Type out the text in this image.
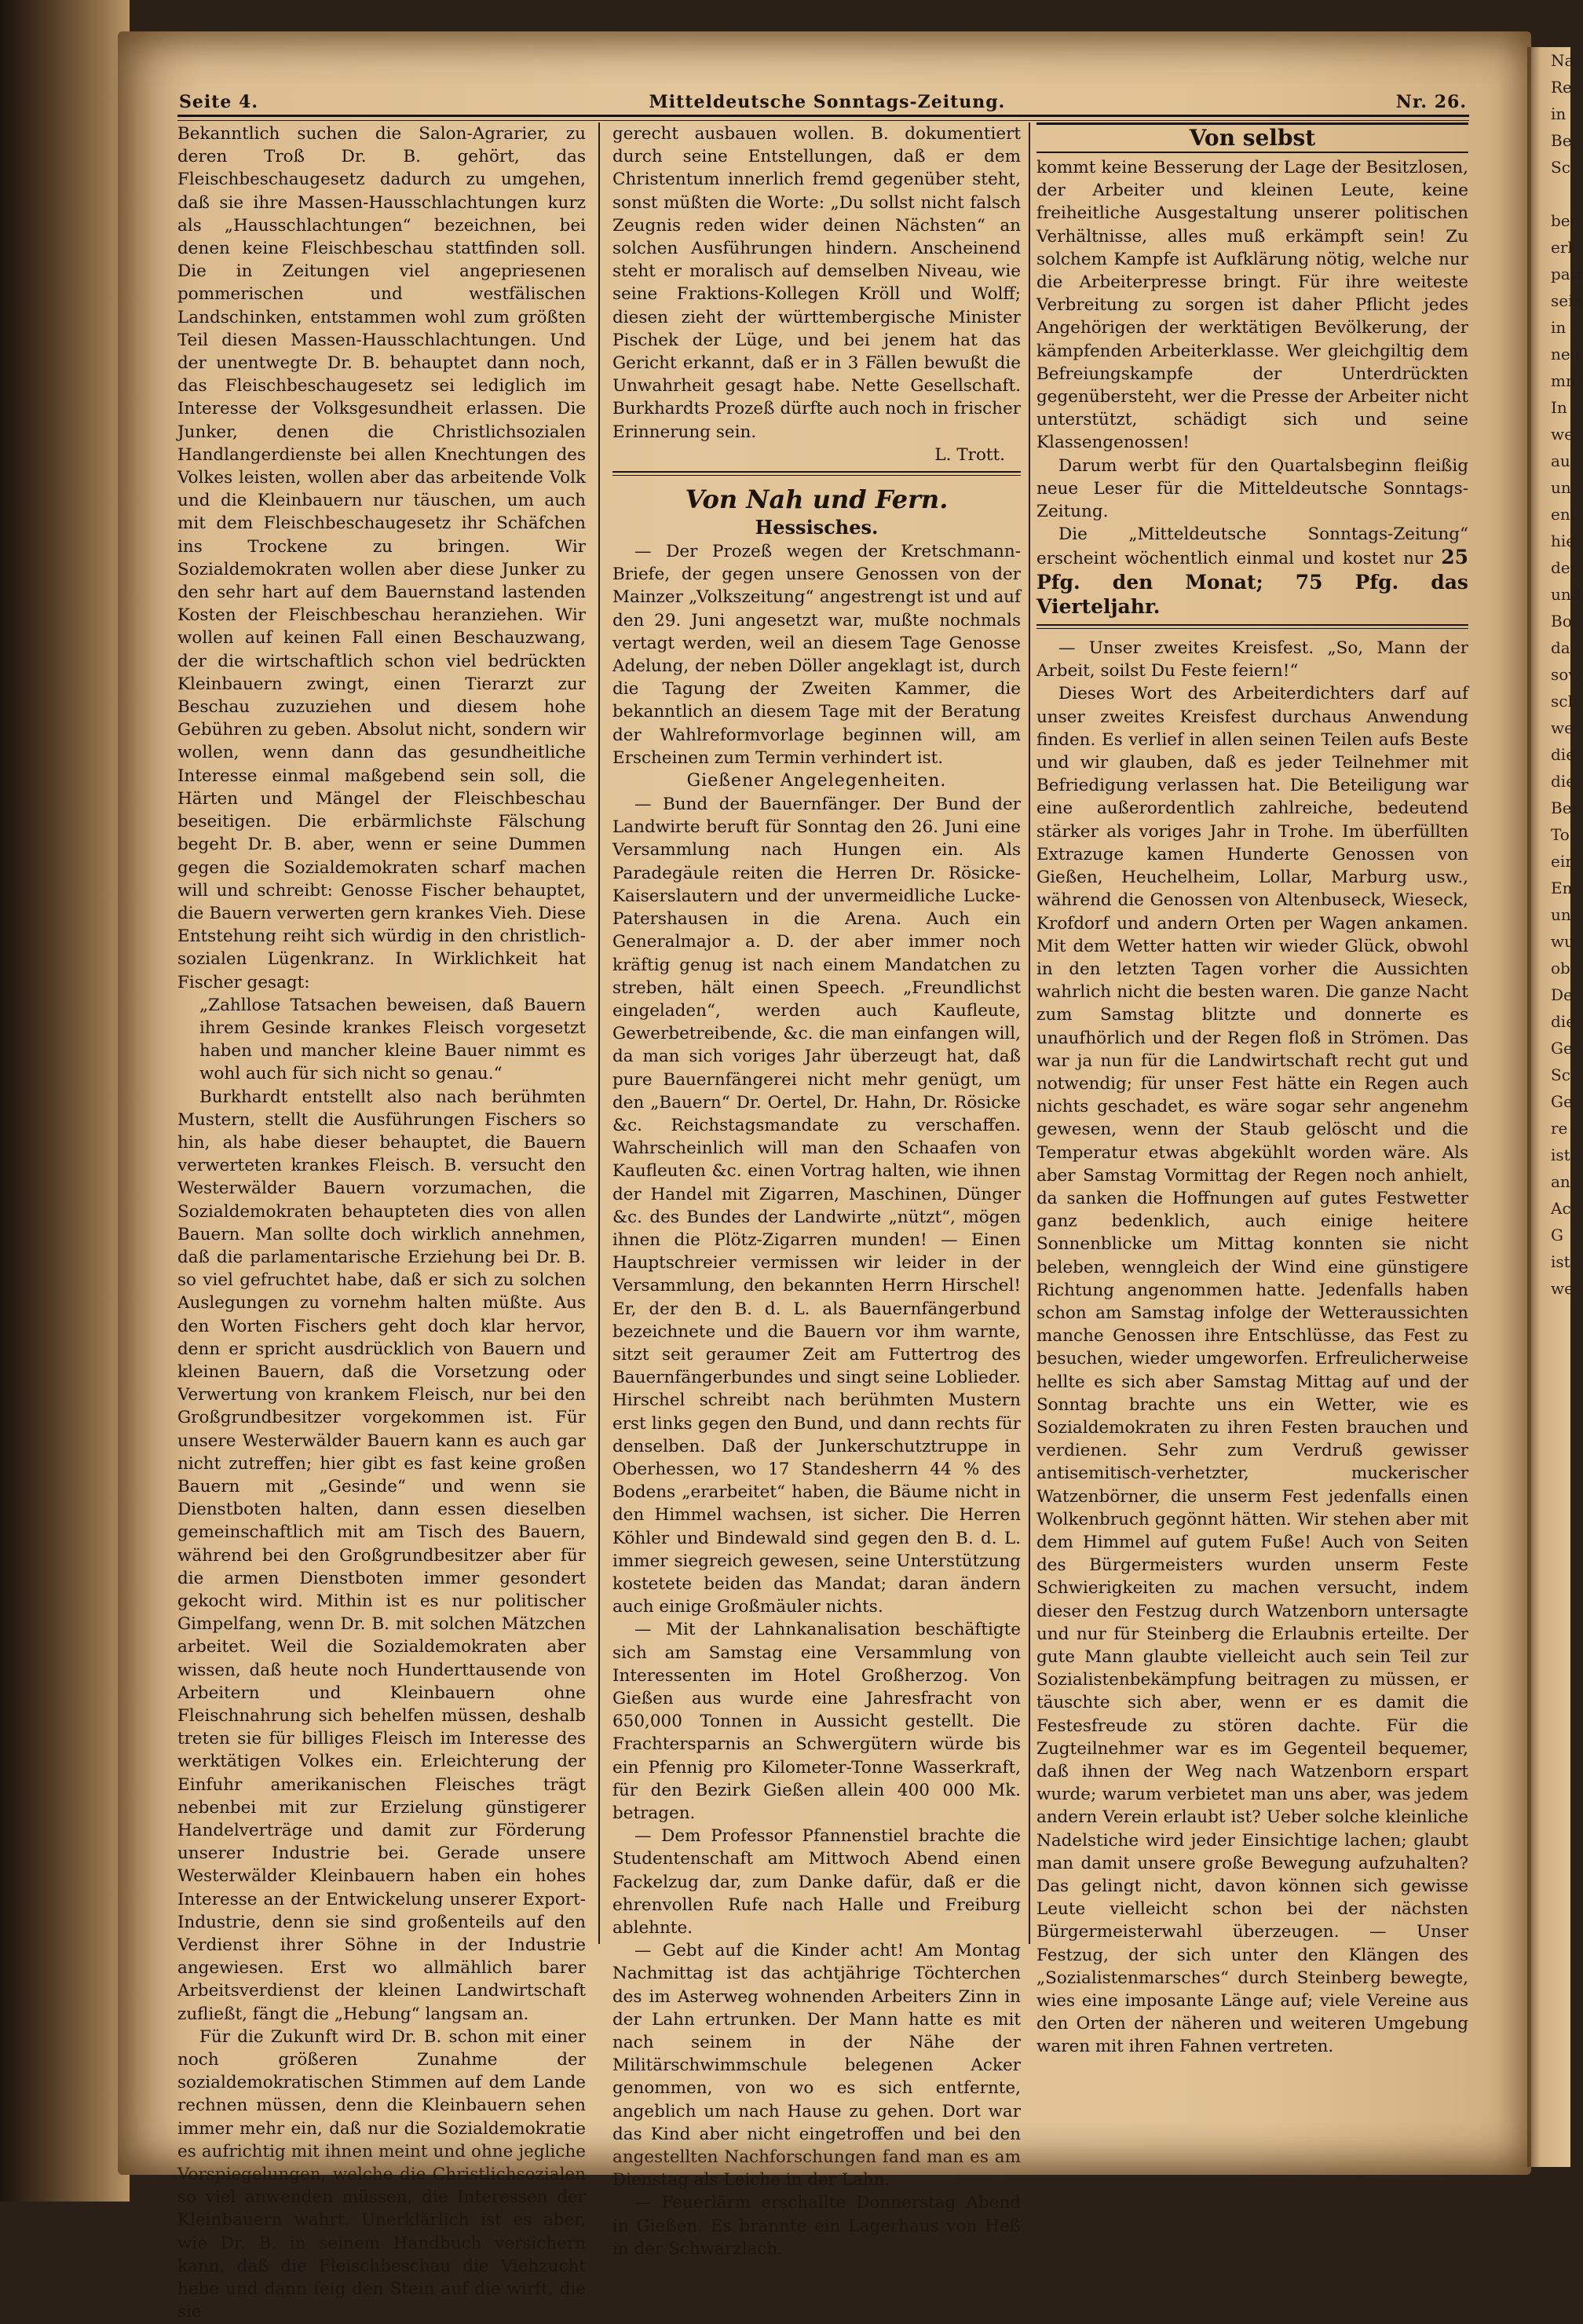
Na
Re
in
Be
Sc

ber
erk
pari
sein
in
neu
mn
In
we
au
un
ent
hie
der
und
Bo
da
sow
sch
we
die
die
Ber
To
eir
En
un
wu
ob
De
die
Ge
Sc
Ge
re
ist
an
Ac
G
ist
we
Seite 4.	Mitteldeutsche Sonntags-Zeitung.	Nr. 26.

Bekanntlich suchen die Salon-Agrarier, zu deren Troß Dr. B. gehört, das Fleischbeschaugesetz dadurch zu umgehen, daß sie ihre Massen-Hausschlachtungen kurz als „Hausschlachtungen“ bezeichnen, bei denen keine Fleischbeschau stattfinden soll. Die in Zeitungen viel angepriesenen pommerischen und westfälischen Landschinken, entstammen wohl zum größten Teil diesen Massen-Hausschlachtungen. Und der unentwegte Dr. B. behauptet dann noch, das Fleischbeschaugesetz sei lediglich im Interesse der Volksgesundheit erlassen. Die Junker, denen die Christlichsozialen Handlangerdienste bei allen Knechtungen des Volkes leisten, wollen aber das arbeitende Volk und die Kleinbauern nur täuschen, um auch mit dem Fleischbeschaugesetz ihr Schäfchen ins Trockene zu bringen. Wir Sozialdemokraten wollen aber diese Junker zu den sehr hart auf dem Bauernstand lastenden Kosten der Fleischbeschau heranziehen. Wir wollen auf keinen Fall einen Beschauzwang, der die wirtschaftlich schon viel bedrückten Kleinbauern zwingt, einen Tierarzt zur Beschau zuzuziehen und diesem hohe Gebühren zu geben. Absolut nicht, sondern wir wollen, wenn dann das gesundheitliche Interesse einmal maßgebend sein soll, die Härten und Mängel der Fleischbeschau beseitigen. Die erbärmlichste Fälschung begeht Dr. B. aber, wenn er seine Dummen gegen die Sozialdemokraten scharf machen will und schreibt: Genosse Fischer behauptet, die Bauern verwerten gern krankes Vieh. Diese Entstehung reiht sich würdig in den christlich-sozialen Lügenkranz. In Wirklichkeit hat Fischer gesagt:

„Zahllose Tatsachen beweisen, daß Bauern ihrem Gesinde krankes Fleisch vorgesetzt haben und mancher kleine Bauer nimmt es wohl auch für sich nicht so genau.“

Burkhardt entstellt also nach berühmten Mustern, stellt die Ausführungen Fischers so hin, als habe dieser behauptet, die Bauern verwerteten krankes Fleisch. B. versucht den Westerwälder Bauern vorzumachen, die Sozialdemokraten behaupteten dies von allen Bauern. Man sollte doch wirklich annehmen, daß die parlamentarische Erziehung bei Dr. B. so viel gefruchtet habe, daß er sich zu solchen Auslegungen zu vornehm halten müßte. Aus den Worten Fischers geht doch klar hervor, denn er spricht ausdrücklich von Bauern und kleinen Bauern, daß die Vorsetzung oder Verwertung von krankem Fleisch, nur bei den Großgrundbesitzer vorgekommen ist. Für unsere Westerwälder Bauern kann es auch gar nicht zutreffen; hier gibt es fast keine großen Bauern mit „Gesinde“ und wenn sie Dienstboten halten, dann essen dieselben gemeinschaftlich mit am Tisch des Bauern, während bei den Großgrundbesitzer aber für die armen Dienstboten immer gesondert gekocht wird. Mithin ist es nur politischer Gimpelfang, wenn Dr. B. mit solchen Mätzchen arbeitet. Weil die Sozialdemokraten aber wissen, daß heute noch Hunderttausende von Arbeitern und Kleinbauern ohne Fleischnahrung sich behelfen müssen, deshalb treten sie für billiges Fleisch im Interesse des werktätigen Volkes ein. Erleichterung der Einfuhr amerikanischen Fleisches trägt nebenbei mit zur Erzielung günstigerer Handelverträge und damit zur Förderung unserer Industrie bei. Gerade unsere Westerwälder Kleinbauern haben ein hohes Interesse an der Entwickelung unserer Export-Industrie, denn sie sind großenteils auf den Verdienst ihrer Söhne in der Industrie angewiesen. Erst wo allmählich barer Arbeitsverdienst der kleinen Landwirtschaft zufließt, fängt die „Hebung“ langsam an.

Für die Zukunft wird Dr. B. schon mit einer noch größeren Zunahme der sozialdemokratischen Stimmen auf dem Lande rechnen müssen, denn die Kleinbauern sehen immer mehr ein, daß nur die Sozialdemokratie es aufrichtig mit ihnen meint und ohne jegliche Vorspiegelungen, welche die Christlichsozialen so viel anwenden müssen, die Interessen der Kleinbauern wahrt. Unerklärlich ist es aber, wie Dr. B. in seinem Handbuch versichern kann, daß die Fleischbeschau die Viehzucht hebe und dann feig den Stein auf die wirft, die sie

gerecht ausbauen wollen. B. dokumentiert durch seine Entstellungen, daß er dem Christentum innerlich fremd gegenüber steht, sonst müßten die Worte: „Du sollst nicht falsch Zeugnis reden wider deinen Nächsten“ an solchen Ausführungen hindern. Anscheinend steht er moralisch auf demselben Niveau, wie seine Fraktions-Kollegen Kröll und Wolff; diesen zieht der württembergische Minister Pischek der Lüge, und bei jenem hat das Gericht erkannt, daß er in 3 Fällen bewußt die Unwahrheit gesagt habe. Nette Gesellschaft. Burkhardts Prozeß dürfte auch noch in frischer Erinnerung sein.

L. Trott.
Von Nah und Fern.
Hessisches.

— Der Prozeß wegen der Kretschmann-Briefe, der gegen unsere Genossen von der Mainzer „Volkszeitung“ angestrengt ist und auf den 29. Juni angesetzt war, mußte nochmals vertagt werden, weil an diesem Tage Genosse Adelung, der neben Döller angeklagt ist, durch die Tagung der Zweiten Kammer, die bekanntlich an diesem Tage mit der Beratung der Wahlreformvorlage beginnen will, am Erscheinen zum Termin verhindert ist.

Gießener Angelegenheiten.

— Bund der Bauernfänger. Der Bund der Landwirte beruft für Sonntag den 26. Juni eine Versammlung nach Hungen ein. Als Paradegäule reiten die Herren Dr. Rösicke-Kaiserslautern und der unvermeidliche Lucke-Patershausen in die Arena. Auch ein Generalmajor a. D. der aber immer noch kräftig genug ist nach einem Mandatchen zu streben, hält einen Speech. „Freundlichst eingeladen“, werden auch Kaufleute, Gewerbetreibende, &c. die man einfangen will, da man sich voriges Jahr überzeugt hat, daß pure Bauernfängerei nicht mehr genügt, um den „Bauern“ Dr. Oertel, Dr. Hahn, Dr. Rösicke &c. Reichstagsmandate zu verschaffen. Wahrscheinlich will man den Schaafen von Kaufleuten &c. einen Vortrag halten, wie ihnen der Handel mit Zigarren, Maschinen, Dünger &c. des Bundes der Landwirte „nützt“, mögen ihnen die Plötz-Zigarren munden! — Einen Hauptschreier vermissen wir leider in der Versammlung, den bekannten Herrn Hirschel! Er, der den B. d. L. als Bauernfängerbund bezeichnete und die Bauern vor ihm warnte, sitzt seit geraumer Zeit am Futtertrog des Bauernfängerbundes und singt seine Loblieder. Hirschel schreibt nach berühmten Mustern erst links gegen den Bund, und dann rechts für denselben. Daß der Junkerschutztruppe in Oberhessen, wo 17 Standesherrn 44 % des Bodens „erarbeitet“ haben, die Bäume nicht in den Himmel wachsen, ist sicher. Die Herren Köhler und Bindewald sind gegen den B. d. L. immer siegreich gewesen, seine Unterstützung kostetete beiden das Mandat; daran ändern auch einige Großmäuler nichts.

— Mit der Lahnkanalisation beschäftigte sich am Samstag eine Versammlung von Interessenten im Hotel Großherzog. Von Gießen aus wurde eine Jahresfracht von 650,000 Tonnen in Aussicht gestellt. Die Frachtersparnis an Schwergütern würde bis ein Pfennig pro Kilometer-Tonne Wasserkraft, für den Bezirk Gießen allein 400 000 Mk. betragen.

— Dem Professor Pfannenstiel brachte die Studentenschaft am Mittwoch Abend einen Fackelzug dar, zum Danke dafür, daß er die ehrenvollen Rufe nach Halle und Freiburg ablehnte.

— Gebt auf die Kinder acht! Am Montag Nachmittag ist das achtjährige Töchterchen des im Asterweg wohnenden Arbeiters Zinn in der Lahn ertrunken. Der Mann hatte es mit nach seinem in der Nähe der Militärschwimmschule belegenen Acker genommen, von wo es sich entfernte, angeblich um nach Hause zu gehen. Dort war das Kind aber nicht eingetroffen und bei den angestellten Nachforschungen fand man es am Dienstag als Leiche in der Lahn.

— Feuerlärm erschallte Donnerstag Abend in Gießen. Es brannte ein Lagerhaus von Heß in der Schwarzlach.

Von selbst

kommt keine Besserung der Lage der Besitzlosen, der Arbeiter und kleinen Leute, keine freiheitliche Ausgestaltung unserer politischen Verhältnisse, alles muß erkämpft sein! Zu solchem Kampfe ist Aufklärung nötig, welche nur die Arbeiterpresse bringt. Für ihre weiteste Verbreitung zu sorgen ist daher Pflicht jedes Angehörigen der werktätigen Bevölkerung, der kämpfenden Arbeiterklasse. Wer gleichgiltig dem Befreiungskampfe der Unterdrückten gegenübersteht, wer die Presse der Arbeiter nicht unterstützt, schädigt sich und seine Klassengenossen!

Darum werbt für den Quartalsbeginn fleißig neue Leser für die Mitteldeutsche Sonntags-Zeitung.

Die „Mitteldeutsche Sonntags-Zeitung“ erscheint wöchentlich einmal und kostet nur 25 Pfg. den Monat; 75 Pfg. das Vierteljahr.

— Unser zweites Kreisfest. „So, Mann der Arbeit, soilst Du Feste feiern!“

Dieses Wort des Arbeiterdichters darf auf unser zweites Kreisfest durchaus Anwendung finden. Es verlief in allen seinen Teilen aufs Beste und wir glauben, daß es jeder Teilnehmer mit Befriedigung verlassen hat. Die Beteiligung war eine außerordentlich zahlreiche, bedeutend stärker als voriges Jahr in Trohe. Im überfüllten Extrazuge kamen Hunderte Genossen von Gießen, Heuchelheim, Lollar, Marburg usw., während die Genossen von Altenbuseck, Wieseck, Krofdorf und andern Orten per Wagen ankamen. Mit dem Wetter hatten wir wieder Glück, obwohl in den letzten Tagen vorher die Aussichten wahrlich nicht die besten waren. Die ganze Nacht zum Samstag blitzte und donnerte es unaufhörlich und der Regen floß in Strömen. Das war ja nun für die Landwirtschaft recht gut und notwendig; für unser Fest hätte ein Regen auch nichts geschadet, es wäre sogar sehr angenehm gewesen, wenn der Staub gelöscht und die Temperatur etwas abgekühlt worden wäre. Als aber Samstag Vormittag der Regen noch anhielt, da sanken die Hoffnungen auf gutes Festwetter ganz bedenklich, auch einige heitere Sonnenblicke um Mittag konnten sie nicht beleben, wenngleich der Wind eine günstigere Richtung angenommen hatte. Jedenfalls haben schon am Samstag infolge der Wetteraussichten manche Genossen ihre Entschlüsse, das Fest zu besuchen, wieder umgeworfen. Erfreulicherweise hellte es sich aber Samstag Mittag auf und der Sonntag brachte uns ein Wetter, wie es Sozialdemokraten zu ihren Festen brauchen und verdienen. Sehr zum Verdruß gewisser antisemitisch-verhetzter, muckerischer Watzenbörner, die unserm Fest jedenfalls einen Wolkenbruch gegönnt hätten. Wir stehen aber mit dem Himmel auf gutem Fuße! Auch von Seiten des Bürgermeisters wurden unserm Feste Schwierigkeiten zu machen versucht, indem dieser den Festzug durch Watzenborn untersagte und nur für Steinberg die Erlaubnis erteilte. Der gute Mann glaubte vielleicht auch sein Teil zur Sozialistenbekämpfung beitragen zu müssen, er täuschte sich aber, wenn er es damit die Festesfreude zu stören dachte. Für die Zugteilnehmer war es im Gegenteil bequemer, daß ihnen der Weg nach Watzenborn erspart wurde; warum verbietet man uns aber, was jedem andern Verein erlaubt ist? Ueber solche kleinliche Nadelstiche wird jeder Einsichtige lachen; glaubt man damit unsere große Bewegung aufzuhalten? Das gelingt nicht, davon können sich gewisse Leute vielleicht schon bei der nächsten Bürgermeisterwahl überzeugen. — Unser Festzug, der sich unter den Klängen des „Sozialistenmarsches“ durch Steinberg bewegte, wies eine imposante Länge auf; viele Vereine aus den Orten der näheren und weiteren Umgebung waren mit ihren Fahnen vertreten.
